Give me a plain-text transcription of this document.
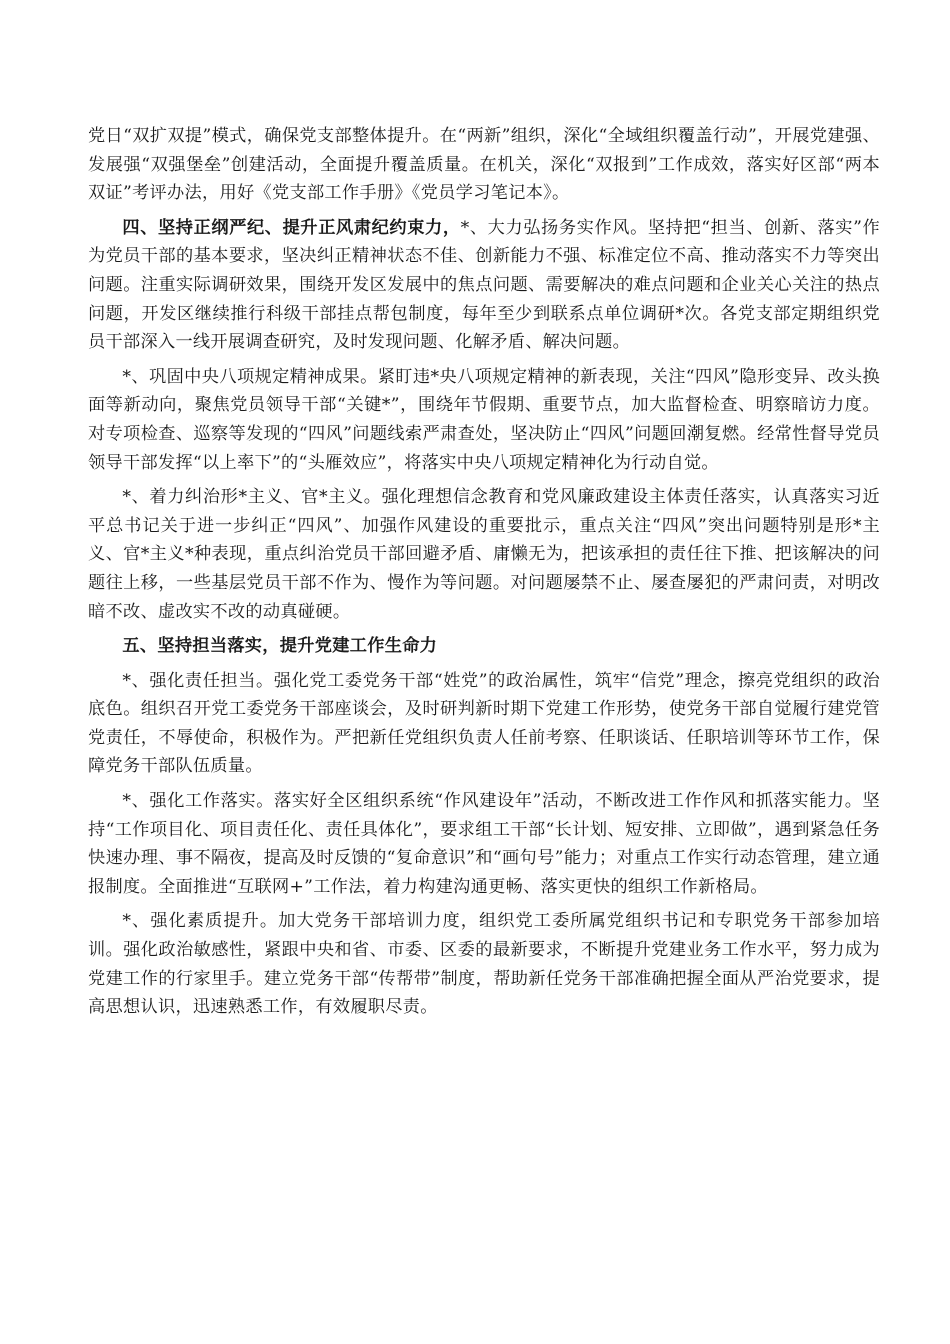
党日“双扩双提”模式，确保党支部整体提升。在“两新”组织，深化“全域组织覆盖行动”，开展党建强、发展强“双强堡垒”创建活动，全面提升覆盖质量。在机关，深化“双报到”工作成效，落实好区部“两本双证”考评办法，用好《党支部工作手册》《党员学习笔记本》。

四、坚持正纲严纪、提升正风肃纪约束力，*、大力弘扬务实作风。坚持把“担当、创新、落实”作为党员干部的基本要求，坚决纠正精神状态不佳、创新能力不强、标准定位不高、推动落实不力等突出问题。注重实际调研效果，围绕开发区发展中的焦点问题、需要解决的难点问题和企业关心关注的热点问题，开发区继续推行科级干部挂点帮包制度，每年至少到联系点单位调研*次。各党支部定期组织党员干部深入一线开展调查研究，及时发现问题、化解矛盾、解决问题。

*、巩固中央八项规定精神成果。紧盯违*央八项规定精神的新表现，关注“四风”隐形变异、改头换面等新动向，聚焦党员领导干部“关键*”，围绕年节假期、重要节点，加大监督检查、明察暗访力度。对专项检查、巡察等发现的“四风”问题线索严肃查处，坚决防止“四风”问题回潮复燃。经常性督导党员领导干部发挥“以上率下”的“头雁效应”，将落实中央八项规定精神化为行动自觉。

*、着力纠治形*主义、官*主义。强化理想信念教育和党风廉政建设主体责任落实，认真落实习近平总书记关于进一步纠正“四风”、加强作风建设的重要批示，重点关注“四风”突出问题特别是形*主义、官*主义*种表现，重点纠治党员干部回避矛盾、庸懒无为，把该承担的责任往下推、把该解决的问题往上移，一些基层党员干部不作为、慢作为等问题。对问题屡禁不止、屡查屡犯的严肃问责，对明改暗不改、虚改实不改的动真碰硬。

五、坚持担当落实，提升党建工作生命力

*、强化责任担当。强化党工委党务干部“姓党”的政治属性，筑牢“信党”理念，擦亮党组织的政治底色。组织召开党工委党务干部座谈会，及时研判新时期下党建工作形势，使党务干部自觉履行建党管党责任，不辱使命，积极作为。严把新任党组织负责人任前考察、任职谈话、任职培训等环节工作，保障党务干部队伍质量。

*、强化工作落实。落实好全区组织系统“作风建设年”活动，不断改进工作作风和抓落实能力。坚持“工作项目化、项目责任化、责任具体化”，要求组工干部“长计划、短安排、立即做”，遇到紧急任务快速办理、事不隔夜，提高及时反馈的“复命意识”和“画句号”能力；对重点工作实行动态管理，建立通报制度。全面推进“互联网+”工作法，着力构建沟通更畅、落实更快的组织工作新格局。

*、强化素质提升。加大党务干部培训力度，组织党工委所属党组织书记和专职党务干部参加培训。强化政治敏感性，紧跟中央和省、市委、区委的最新要求，不断提升党建业务工作水平，努力成为党建工作的行家里手。建立党务干部“传帮带”制度，帮助新任党务干部准确把握全面从严治党要求，提高思想认识，迅速熟悉工作，有效履职尽责。
